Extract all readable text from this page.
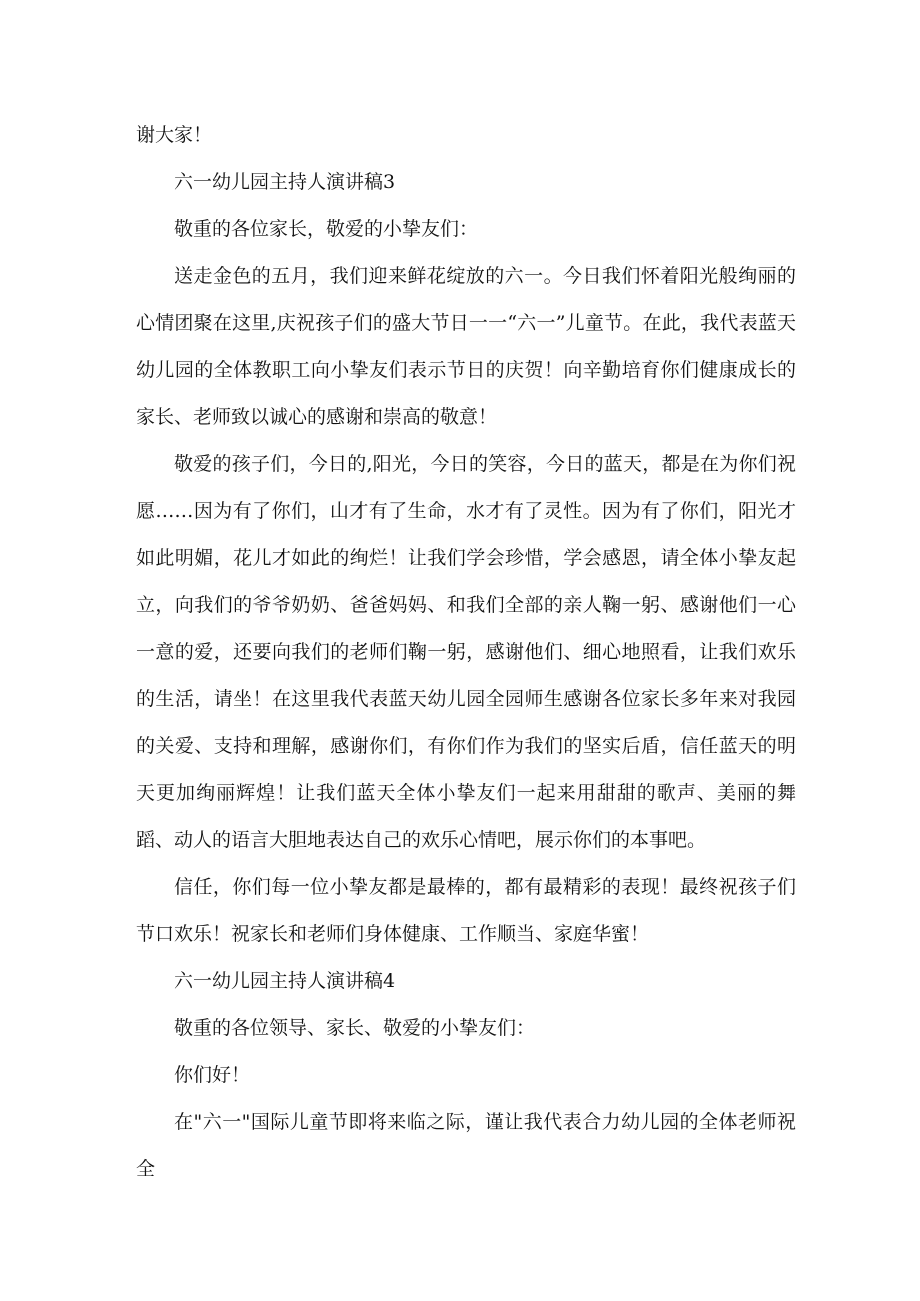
谢大家！

六一幼儿园主持人演讲稿3

敬重的各位家长，敬爱的小挚友们：

送走金色的五月，我们迎来鲜花绽放的六一。今日我们怀着阳光般绚丽的心情团聚在这里,庆祝孩子们的盛大节日一一“六一”儿童节。在此，我代表蓝天幼儿园的全体教职工向小挚友们表示节日的庆贺！向辛勤培育你们健康成长的家长、老师致以诚心的感谢和崇高的敬意！

敬爱的孩子们，今日的,阳光，今日的笑容，今日的蓝天，都是在为你们祝愿……因为有了你们，山才有了生命，水才有了灵性。因为有了你们，阳光才如此明媚，花儿才如此的绚烂！让我们学会珍惜，学会感恩，请全体小挚友起立，向我们的爷爷奶奶、爸爸妈妈、和我们全部的亲人鞠一躬、感谢他们一心一意的爱，还要向我们的老师们鞠一躬，感谢他们、细心地照看，让我们欢乐的生活，请坐！在这里我代表蓝天幼儿园全园师生感谢各位家长多年来对我园的关爱、支持和理解，感谢你们，有你们作为我们的坚实后盾，信任蓝天的明天更加绚丽辉煌！让我们蓝天全体小挚友们一起来用甜甜的歌声、美丽的舞蹈、动人的语言大胆地表达自己的欢乐心情吧，展示你们的本事吧。

信任，你们每一位小挚友都是最棒的，都有最精彩的表现！最终祝孩子们节口欢乐！祝家长和老师们身体健康、工作顺当、家庭华蜜！

六一幼儿园主持人演讲稿4

敬重的各位领导、家长、敬爱的小挚友们：

你们好！

在"六一"国际儿童节即将来临之际，谨让我代表合力幼儿园的全体老师祝全
